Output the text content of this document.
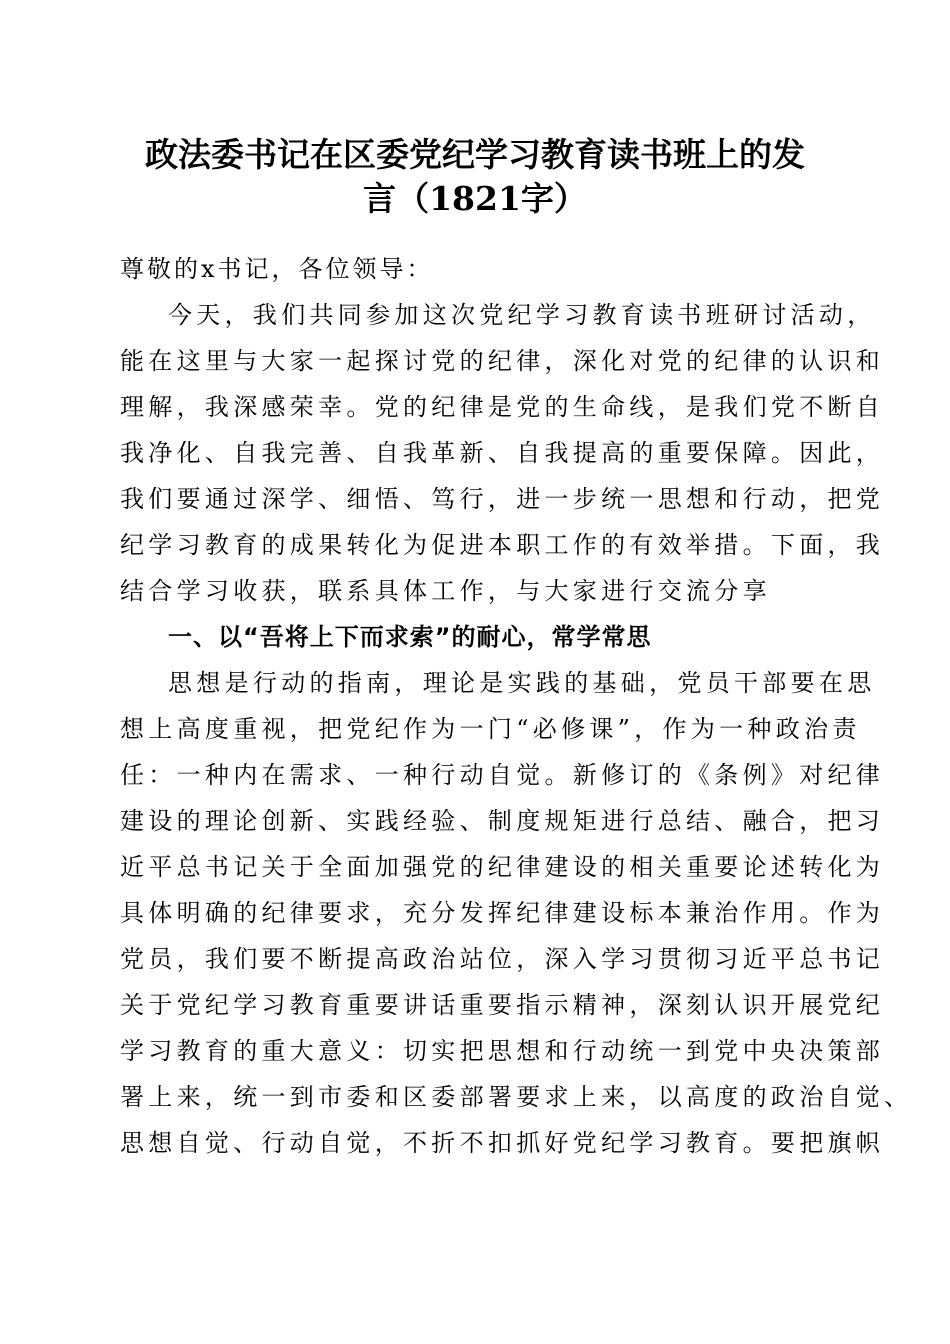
政法委书记在区委党纪学习教育读书班上的发
言（1821字）
尊敬的x书记，各位领导：
今天，我们共同参加这次党纪学习教育读书班研讨活动，
能在这里与大家一起探讨党的纪律，深化对党的纪律的认识和
理解，我深感荣幸。党的纪律是党的生命线，是我们党不断自
我净化、自我完善、自我革新、自我提高的重要保障。因此，
我们要通过深学、细悟、笃行，进一步统一思想和行动，把党
纪学习教育的成果转化为促进本职工作的有效举措。下面，我
结合学习收获，联系具体工作，与大家进行交流分享
一、以“吾将上下而求索”的耐心，常学常思
思想是行动的指南，理论是实践的基础，党员干部要在思
想上高度重视，把党纪作为一门“必修课”，作为一种政治责
任：一种内在需求、一种行动自觉。新修订的《条例》对纪律
建设的理论创新、实践经验、制度规矩进行总结、融合，把习
近平总书记关于全面加强党的纪律建设的相关重要论述转化为
具体明确的纪律要求，充分发挥纪律建设标本兼治作用。作为
党员，我们要不断提高政治站位，深入学习贯彻习近平总书记
关于党纪学习教育重要讲话重要指示精神，深刻认识开展党纪
学习教育的重大意义：切实把思想和行动统一到党中央决策部
署上来，统一到市委和区委部署要求上来，以高度的政治自觉、
思想自觉、行动自觉，不折不扣抓好党纪学习教育。要把旗帜
